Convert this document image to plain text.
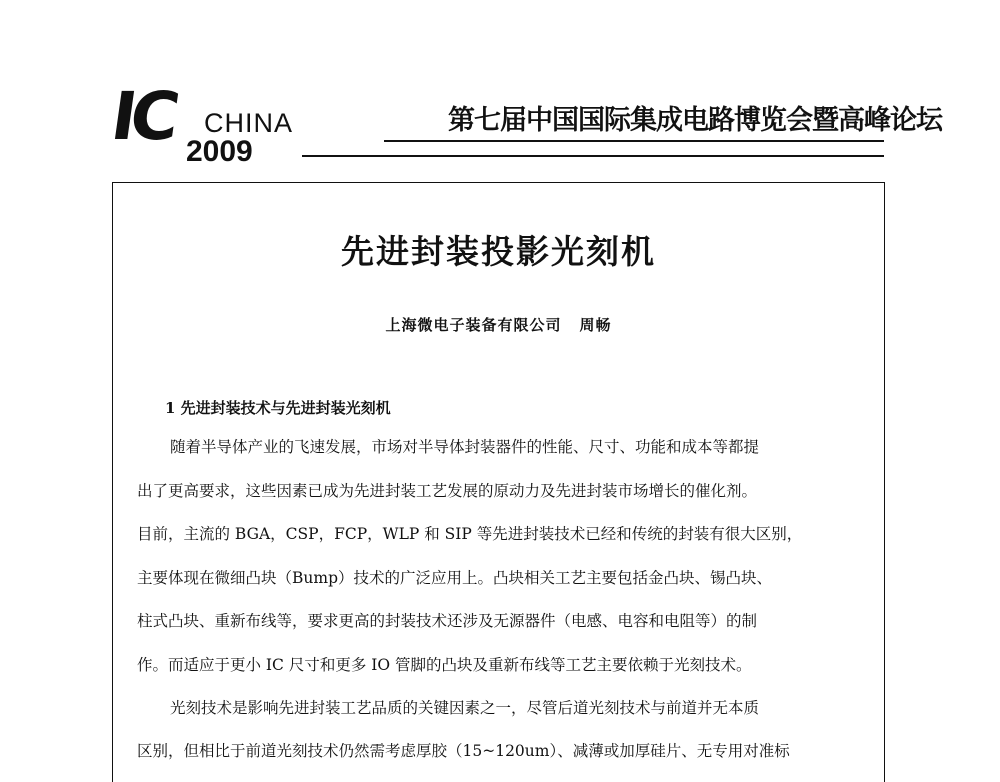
IC CHINA
2009
第七届中国国际集成电路博览会暨高峰论坛
先进封装投影光刻机
上海微电子装备有限公司 周畅
1 先进封装技术与先进封装光刻机
随着半导体产业的飞速发展，市场对半导体封装器件的性能、尺寸、功能和成本等都提
出了更高要求，这些因素已成为先进封装工艺发展的原动力及先进封装市场增长的催化剂。
目前，主流的 BGA，CSP，FCP，WLP 和 SIP 等先进封装技术已经和传统的封装有很大区别，
主要体现在微细凸块（Bump）技术的广泛应用上。凸块相关工艺主要包括金凸块、锡凸块、
柱式凸块、重新布线等，要求更高的封装技术还涉及无源器件（电感、电容和电阻等）的制
作。而适应于更小 IC 尺寸和更多 IO 管脚的凸块及重新布线等工艺主要依赖于光刻技术。
光刻技术是影响先进封装工艺品质的关键因素之一，尽管后道光刻技术与前道并无本质
区别，但相比于前道光刻技术仍然需考虑厚胶（15~120um）、减薄或加厚硅片、无专用对准标
